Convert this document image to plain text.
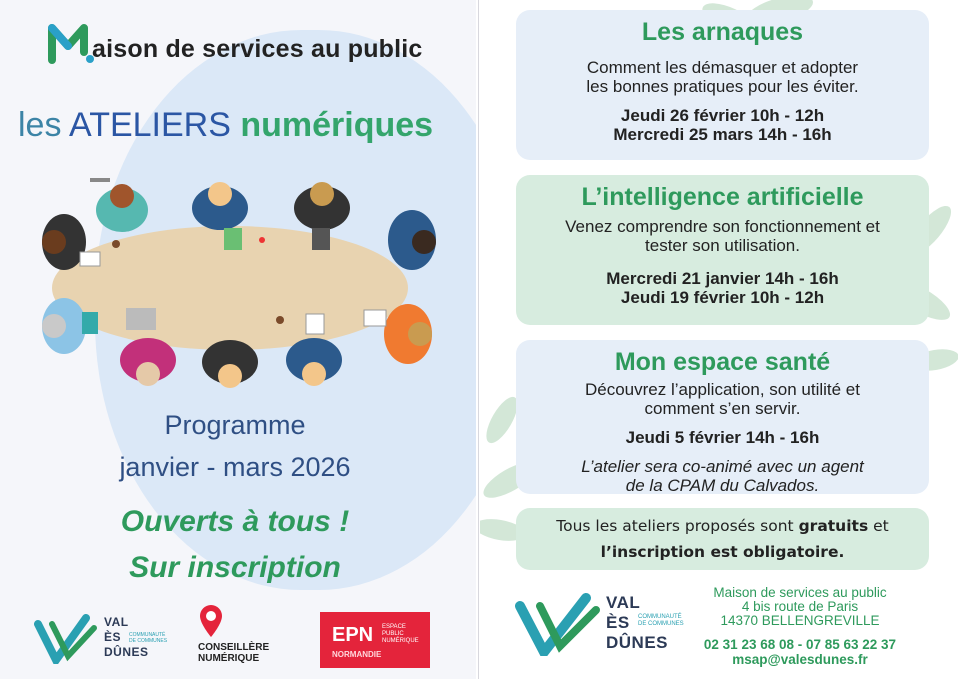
aison de services au public
les ATELIERS numériques
Programme
janvier - mars 2026
Ouverts à tous !
Sur inscription
VAL
ÈS
DÛNES
COMMUNAUTÉ
DE COMMUNES
CONSEILLÈRE
NUMÉRIQUE
EPN ESPACE
PUBLIC
NUMÉRIQUE
NORMANDIE
Les arnaques
Comment les démasquer et adopter
les bonnes pratiques pour les éviter.
Jeudi 26 février 10h - 12h
Mercredi 25 mars 14h - 16h
L’intelligence artificielle
Venez comprendre son fonctionnement et
tester son utilisation.
Mercredi 21 janvier 14h - 16h
Jeudi 19 février 10h - 12h
Mon espace santé
Découvrez l’application, son utilité et
comment s’en servir.
Jeudi 5 février 14h - 16h
L’atelier sera co-animé avec un agent
de la CPAM du Calvados.
Tous les ateliers proposés sont gratuits et
l’inscription est obligatoire.
VAL
ÈS
DÛNES
COMMUNAUTÉ
DE COMMUNES
Maison de services au public
4 bis route de Paris
14370 BELLENGREVILLE
02 31 23 68 08 - 07 85 63 22 37
msap@valesdunes.fr
